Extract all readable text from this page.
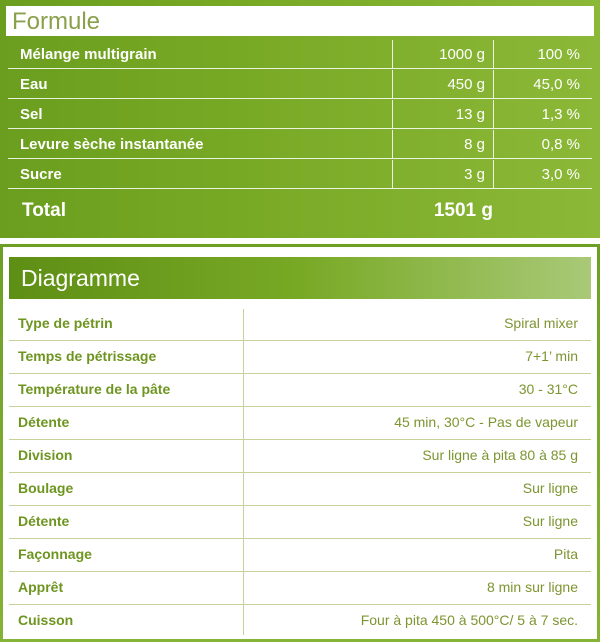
Formule
Mélange multigrain	1000 g	100 %
Eau	450 g	45,0 %
Sel	13 g	1,3 %
Levure sèche instantanée	8 g	0,8 %
Sucre	3 g	3,0 %
Total	1501 g
Diagramme
Type de pétrin	Spiral mixer
Temps de pétrissage	7+1’ min
Température de la pâte	30 - 31°C
Détente	45 min, 30°C - Pas de vapeur
Division	Sur ligne à pita 80 à 85 g
Boulage	Sur ligne
Détente	Sur ligne
Façonnage	Pita
Apprêt	8 min sur ligne
Cuisson	Four à pita 450 à 500°C/ 5 à 7 sec.
